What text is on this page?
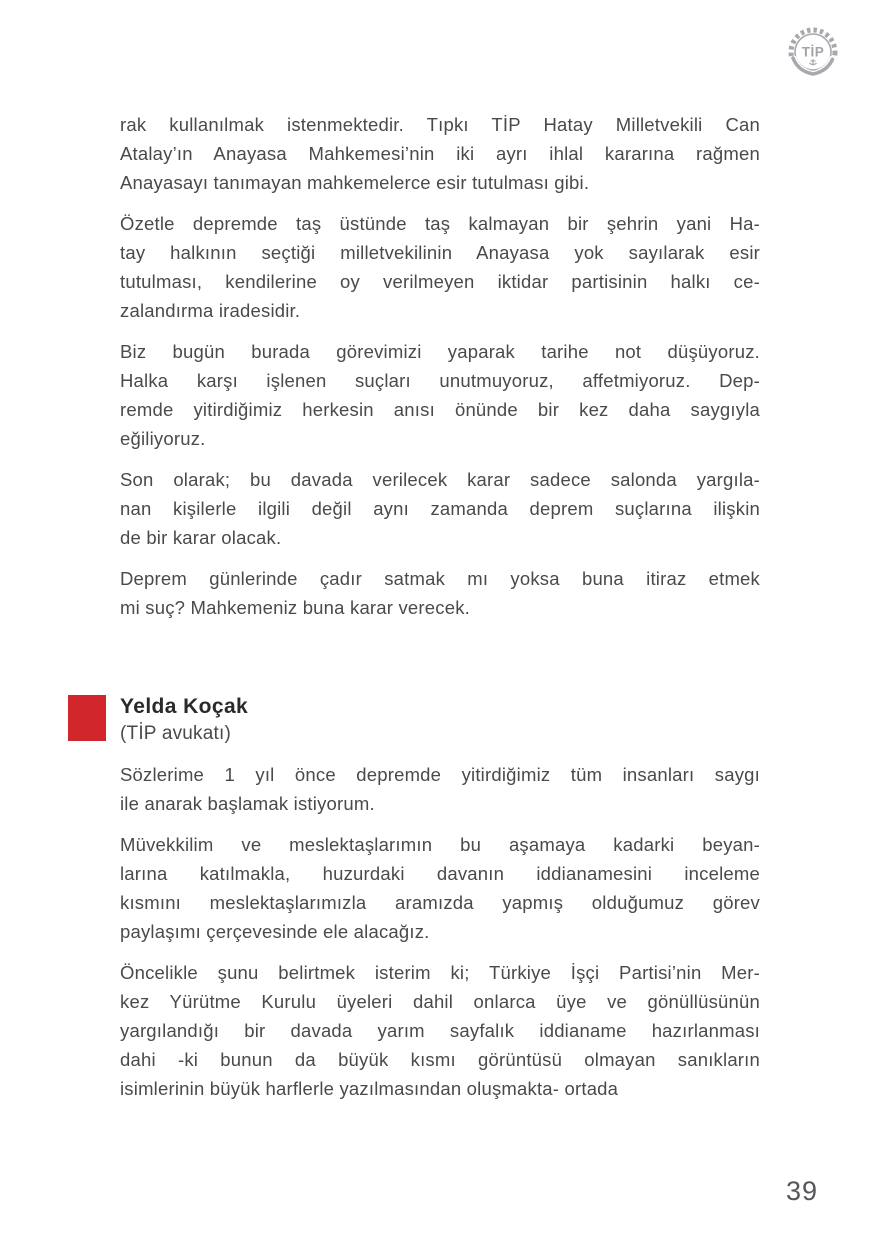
TİP

rak kullanılmak istenmektedir. Tıpkı TİP Hatay Milletvekili Can
Atalay’ın Anayasa Mahkemesi’nin iki ayrı ihlal kararına rağmen
Anayasayı tanımayan mahkemelerce esir tutulması gibi.

Özetle depremde taş üstünde taş kalmayan bir şehrin yani Ha-
tay halkının seçtiği milletvekilinin Anayasa yok sayılarak esir
tutulması, kendilerine oy verilmeyen iktidar partisinin halkı ce-
zalandırma iradesidir.

Biz bugün burada görevimizi yaparak tarihe not düşüyoruz.
Halka karşı işlenen suçları unutmuyoruz, affetmiyoruz. Dep-
remde yitirdiğimiz herkesin anısı önünde bir kez daha saygıyla
eğiliyoruz.

Son olarak; bu davada verilecek karar sadece salonda yargıla-
nan kişilerle ilgili değil aynı zamanda deprem suçlarına ilişkin
de bir karar olacak.

Deprem günlerinde çadır satmak mı yoksa buna itiraz etmek
mi suç? Mahkemeniz buna karar verecek.

Yelda Koçak
(TİP avukatı)

Sözlerime 1 yıl önce depremde yitirdiğimiz tüm insanları saygı
ile anarak başlamak istiyorum.

Müvekkilim ve meslektaşlarımın bu aşamaya kadarki beyan-
larına katılmakla, huzurdaki davanın iddianamesini inceleme
kısmını meslektaşlarımızla aramızda yapmış olduğumuz görev
paylaşımı çerçevesinde ele alacağız.

Öncelikle şunu belirtmek isterim ki; Türkiye İşçi Partisi’nin Mer-
kez Yürütme Kurulu üyeleri dahil onlarca üye ve gönüllüsünün
yargılandığı bir davada yarım sayfalık iddianame hazırlanması
dahi -ki bunun da büyük kısmı görüntüsü olmayan sanıkların
isimlerinin büyük harflerle yazılmasından oluşmakta- ortada

39
